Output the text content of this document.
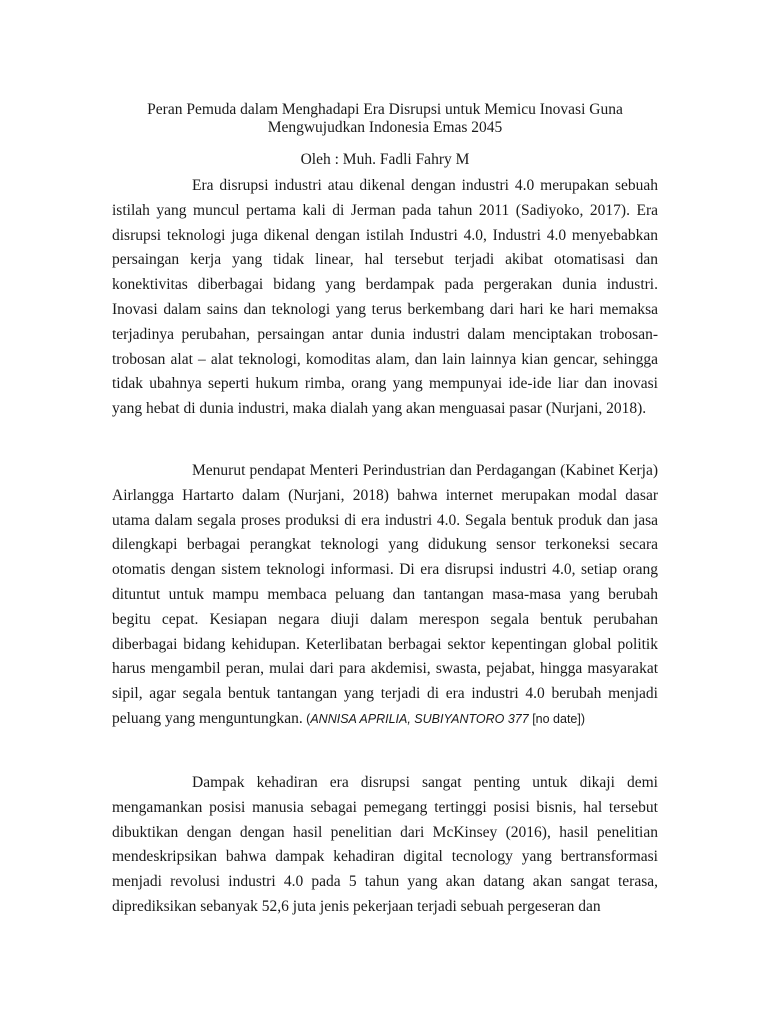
Peran Pemuda dalam Menghadapi Era Disrupsi untuk Memicu Inovasi Guna
Mengwujudkan Indonesia Emas 2045
Oleh : Muh. Fadli Fahry M

Era disrupsi industri atau dikenal dengan industri 4.0 merupakan sebuah istilah yang muncul pertama kali di Jerman pada tahun 2011 (Sadiyoko, 2017). Era disrupsi teknologi juga dikenal dengan istilah Industri 4.0, Industri 4.0 menyebabkan persaingan kerja yang tidak linear, hal tersebut terjadi akibat otomatisasi dan konektivitas diberbagai bidang yang berdampak pada pergerakan dunia industri. Inovasi dalam sains dan teknologi yang terus berkembang dari hari ke hari memaksa terjadinya perubahan, persaingan antar dunia industri dalam menciptakan trobosan-trobosan alat – alat teknologi, komoditas alam, dan lain lainnya kian gencar, sehingga tidak ubahnya seperti hukum rimba, orang yang mempunyai ide-ide liar dan inovasi yang hebat di dunia industri, maka dialah yang akan menguasai pasar (Nurjani, 2018).

Menurut pendapat Menteri Perindustrian dan Perdagangan (Kabinet Kerja) Airlangga Hartarto dalam (Nurjani, 2018) bahwa internet merupakan modal dasar utama dalam segala proses produksi di era industri 4.0. Segala bentuk produk dan jasa dilengkapi berbagai perangkat teknologi yang didukung sensor terkoneksi secara otomatis dengan sistem teknologi informasi. Di era disrupsi industri 4.0, setiap orang dituntut untuk mampu membaca peluang dan tantangan masa-masa yang berubah begitu cepat. Kesiapan negara diuji dalam merespon segala bentuk perubahan diberbagai bidang kehidupan. Keterlibatan berbagai sektor kepentingan global politik harus mengambil peran, mulai dari para akdemisi, swasta, pejabat, hingga masyarakat sipil, agar segala bentuk tantangan yang terjadi di era industri 4.0 berubah menjadi peluang yang menguntungkan. (ANNISA APRILIA, SUBIYANTORO 377 [no date])

Dampak kehadiran era disrupsi sangat penting untuk dikaji demi mengamankan posisi manusia sebagai pemegang tertinggi posisi bisnis, hal tersebut dibuktikan dengan dengan hasil penelitian dari McKinsey (2016), hasil penelitian mendeskripsikan bahwa dampak kehadiran digital tecnology yang bertransformasi menjadi revolusi industri 4.0 pada 5 tahun yang akan datang akan sangat terasa, diprediksikan sebanyak 52,6 juta jenis pekerjaan terjadi sebuah pergeseran dan
